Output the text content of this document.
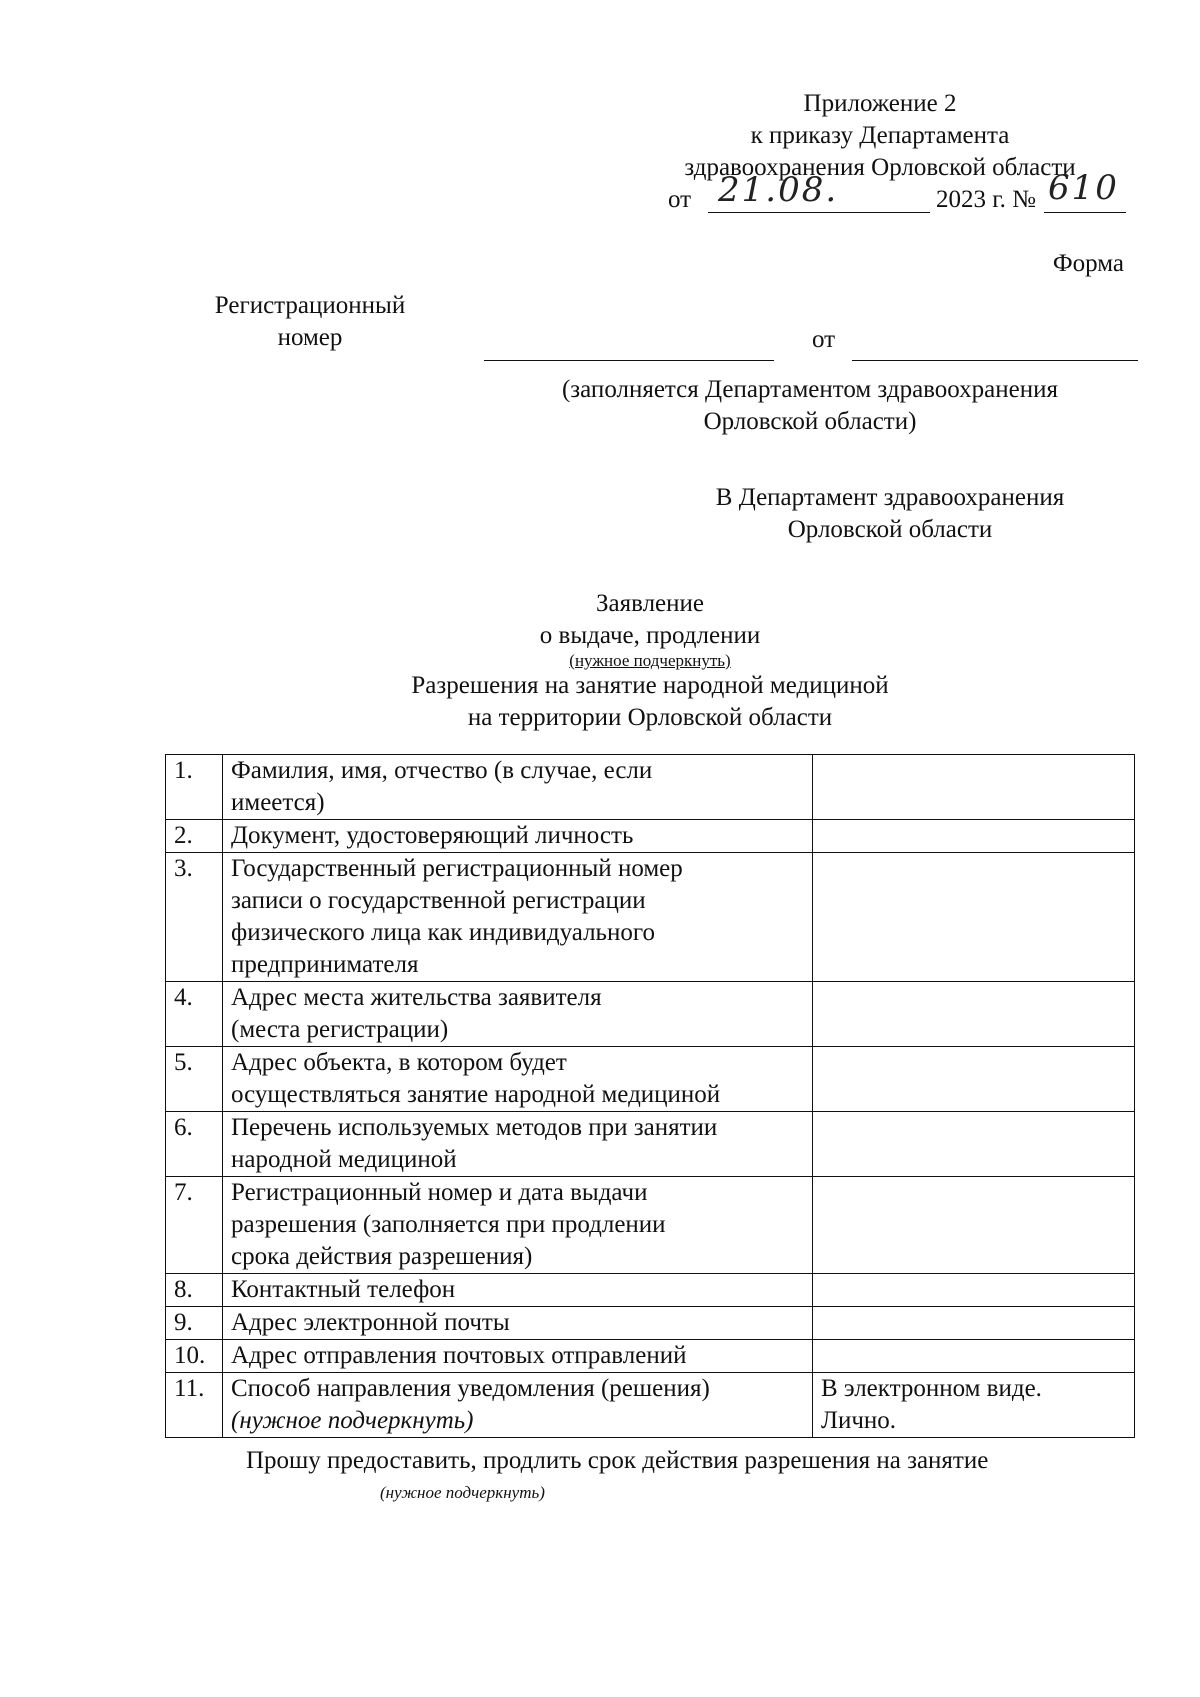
Приложение 2
к приказу Департамента
здравоохранения Орловской области
от 21.08.	2023 г. № 610
Форма
Регистрационный
номер	от
(заполняется Департаментом здравоохранения
Орловской области)
В Департамент здравоохранения
Орловской области
Заявление
о выдаче, продлении
(нужное подчеркнуть)
Разрешения на занятие народной медициной
на территории Орловской области
1.	Фамилия, имя, отчество (в случае, если
имеется)	

2.	Документ, удостоверяющий личность	

3.	Государственный регистрационный номер
записи о государственной регистрации
физического лица как индивидуального
предпринимателя	

4.	Адрес места жительства заявителя
(места регистрации)	

5.	Адрес объекта, в котором будет
осуществляться занятие народной медициной	

6.	Перечень используемых методов при занятии
народной медициной	

7.	Регистрационный номер и дата выдачи
разрешения (заполняется при продлении
срока действия разрешения)	

8.	Контактный телефон	

9.	Адрес электронной почты	

10.	Адрес отправления почтовых отправлений	

11.	Способ направления уведомления (решения)
(нужное подчеркнуть)	В электронном виде.
Лично.
Прошу предоставить, продлить срок действия разрешения на занятие
(нужное подчеркнуть)
